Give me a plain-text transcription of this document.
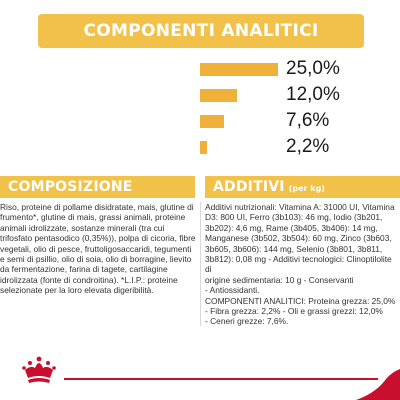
COMPONENTI ANALITICI
25,0%
12,0%
7,6%
2,2%
COMPOSIZIONE	ADDITIVI (per kg)
Riso, proteine di pollame disidratate, mais, glutine di frumento*, glutine di mais, grassi animali, proteine animali idrolizzate, sostanze minerali (tra cui trifosfato pentasodico (0,35%)), polpa di cicoria, fibre vegetali, olio di pesce, fruttoligosaccaridi, tegumenti e semi di psillio, olio di soia, olio di borragine, lievito da fermentazione, farina di tagete, cartilagine idrolizzata (fonte di condroitina). *L.I.P.: proteine selezionate per la loro elevata digeribilità.
Additivi nutrizionali: Vitamina A: 31000 UI, Vitamina
D3: 800 UI, Ferro (3b103): 46 mg, Iodio (3b201,
3b202): 4,6 mg, Rame (3b405, 3b406): 14 mg,
Manganese (3b502, 3b504): 60 mg, Zinco (3b603,
3b605, 3b606): 144 mg, Selenio (3b801, 3b811,
3b812): 0,08 mg - Additivi tecnologici: Clinoptilolite di
origine sedimentaria: 10 g - Conservanti
- Antiossidanti.
COMPONENTI ANALITICI: Proteina grezza: 25,0%
- Fibra grezza: 2,2% - Oli e grassi grezzi: 12,0%
- Ceneri grezze: 7,6%.
